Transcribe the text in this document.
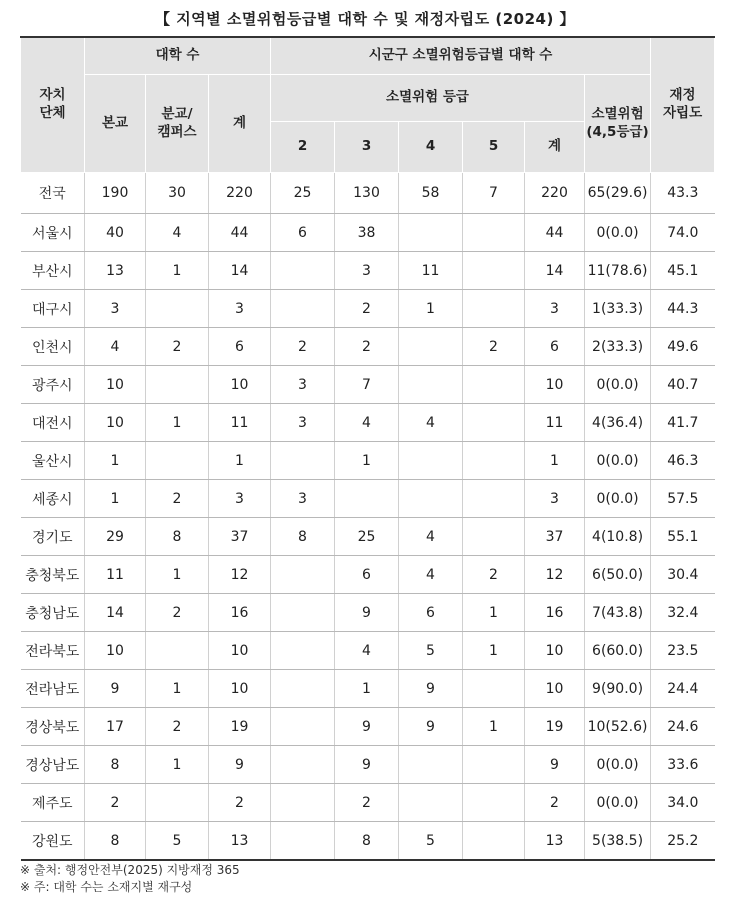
【 지역별 소멸위험등급별 대학 수 및 재정자립도 (2024) 】
자치
단체	대학 수			시군구 소멸위험등급별 대학 수						재정
자립도
	본교	분교/
캠퍼스	계	소멸위험 등급					소멸위험
(4,5등급)	
				2	3	4	5	계		
전국	190	30	220	25	130	58	7	220	65(29.6)	43.3
서울시	40	4	44	6	38			44	0(0.0)	74.0
부산시	13	1	14		3	11		14	11(78.6)	45.1
대구시	3		3		2	1		3	1(33.3)	44.3
인천시	4	2	6	2	2		2	6	2(33.3)	49.6
광주시	10		10	3	7			10	0(0.0)	40.7
대전시	10	1	11	3	4	4		11	4(36.4)	41.7
울산시	1		1		1			1	0(0.0)	46.3
세종시	1	2	3	3				3	0(0.0)	57.5
경기도	29	8	37	8	25	4		37	4(10.8)	55.1
충청북도	11	1	12		6	4	2	12	6(50.0)	30.4
충청남도	14	2	16		9	6	1	16	7(43.8)	32.4
전라북도	10		10		4	5	1	10	6(60.0)	23.5
전라남도	9	1	10		1	9		10	9(90.0)	24.4
경상북도	17	2	19		9	9	1	19	10(52.6)	24.6
경상남도	8	1	9		9			9	0(0.0)	33.6
제주도	2		2		2			2	0(0.0)	34.0
강원도	8	5	13		8	5		13	5(38.5)	25.2
※ 출처: 행정안전부(2025) 지방재정 365
※ 주: 대학 수는 소재지별 재구성
